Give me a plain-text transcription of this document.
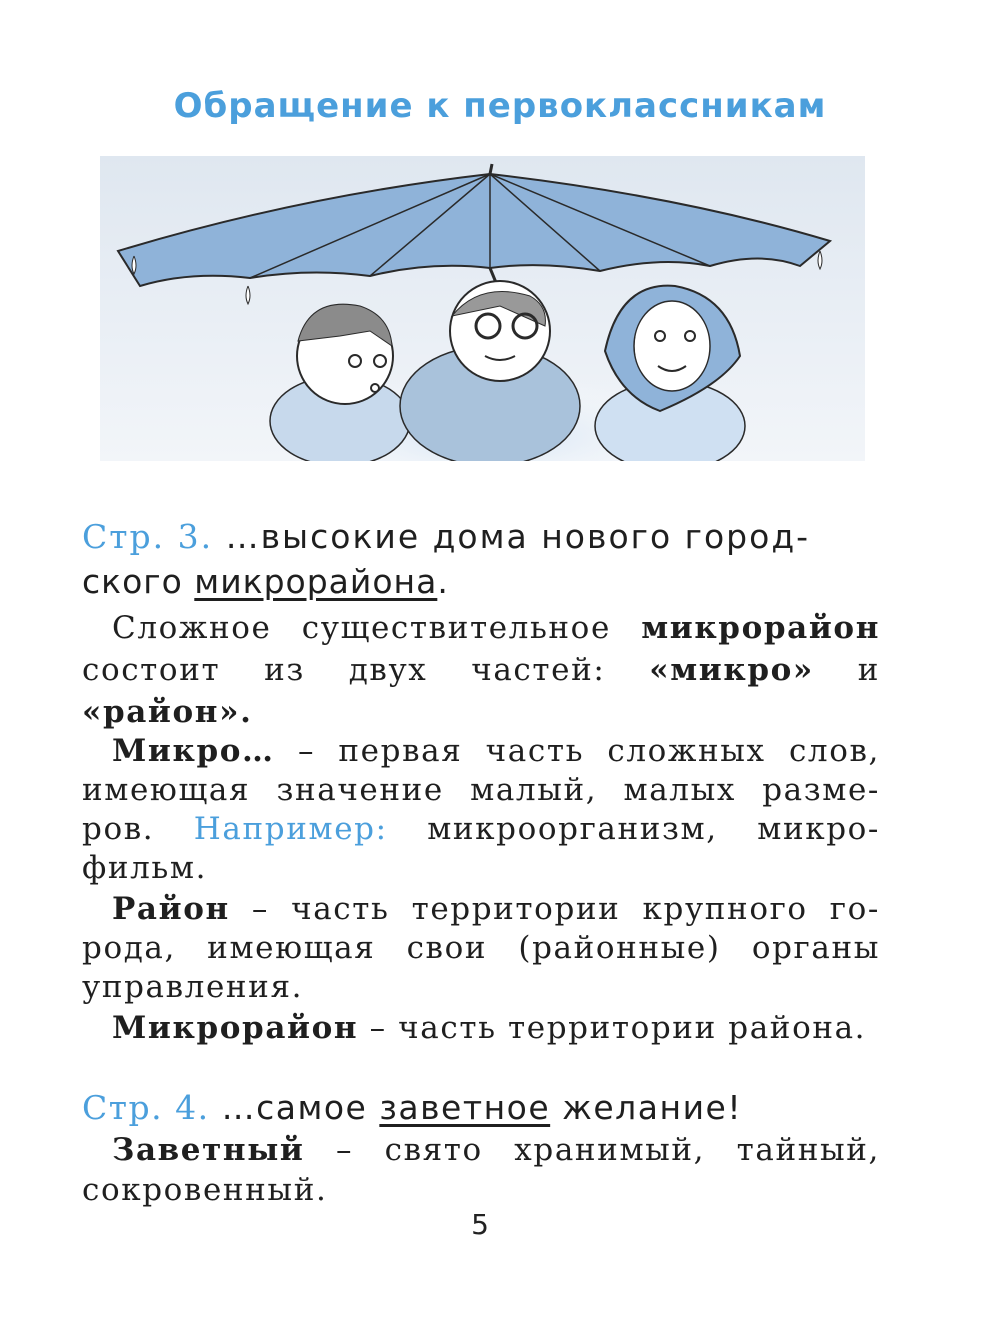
Обращение к первоклассникам
Стр. 3. …высокие дома нового город-
ского микрорайона.
Сложное существительное микрорайон
состоит из двух частей: «микро» и
«район».
Микро… – первая часть сложных слов, имеющая значение малый, малых разме-ров. Например: микроорганизм, микро-фильм.
Район – часть территории крупного го-рода, имеющая свои (районные) органы управления.
Микрорайон – часть территории района.
Стр. 4. …самое заветное желание!
Заветный – свято хранимый, тайный, сокровенный.
5
